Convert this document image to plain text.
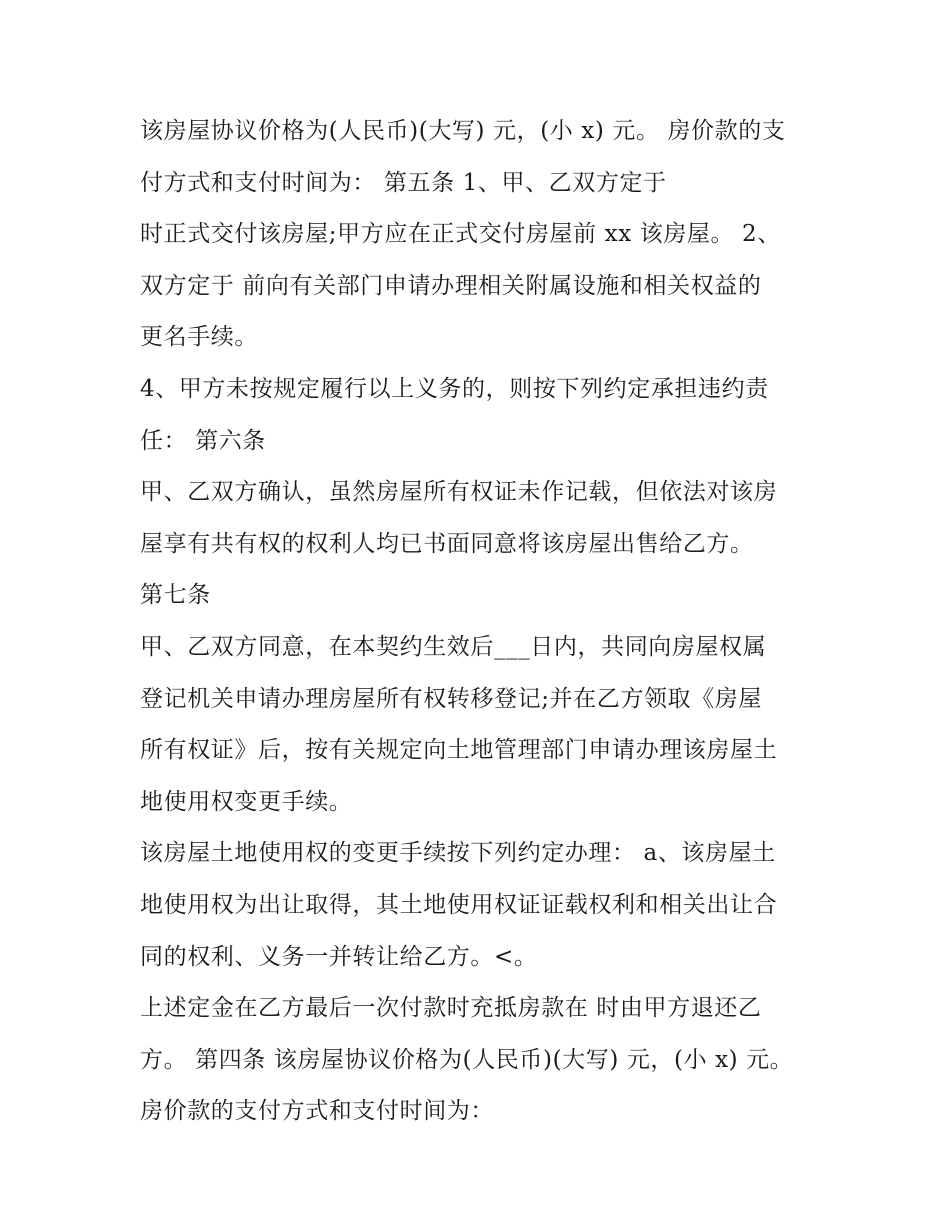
该房屋协议价格为(人民币)(大写) 元，(小 x) 元。 房价款的支
付方式和支付时间为： 第五条 1、甲、乙双方定于
时正式交付该房屋;甲方应在正式交付房屋前 xx 该房屋。 2、
双方定于 前向有关部门申请办理相关附属设施和相关权益的
更名手续。
4、甲方未按规定履行以上义务的，则按下列约定承担违约责
任： 第六条
甲、乙双方确认，虽然房屋所有权证未作记载，但依法对该房
屋享有共有权的权利人均已书面同意将该房屋出售给乙方。
第七条
甲、乙双方同意，在本契约生效后___日内，共同向房屋权属
登记机关申请办理房屋所有权转移登记;并在乙方领取《房屋
所有权证》后，按有关规定向土地管理部门申请办理该房屋土
地使用权变更手续。
该房屋土地使用权的变更手续按下列约定办理： a、该房屋土
地使用权为出让取得，其土地使用权证证载权利和相关出让合
同的权利、义务一并转让给乙方。<。
上述定金在乙方最后一次付款时充抵房款在 时由甲方退还乙
方。 第四条 该房屋协议价格为(人民币)(大写) 元，(小 x) 元。
房价款的支付方式和支付时间为：
